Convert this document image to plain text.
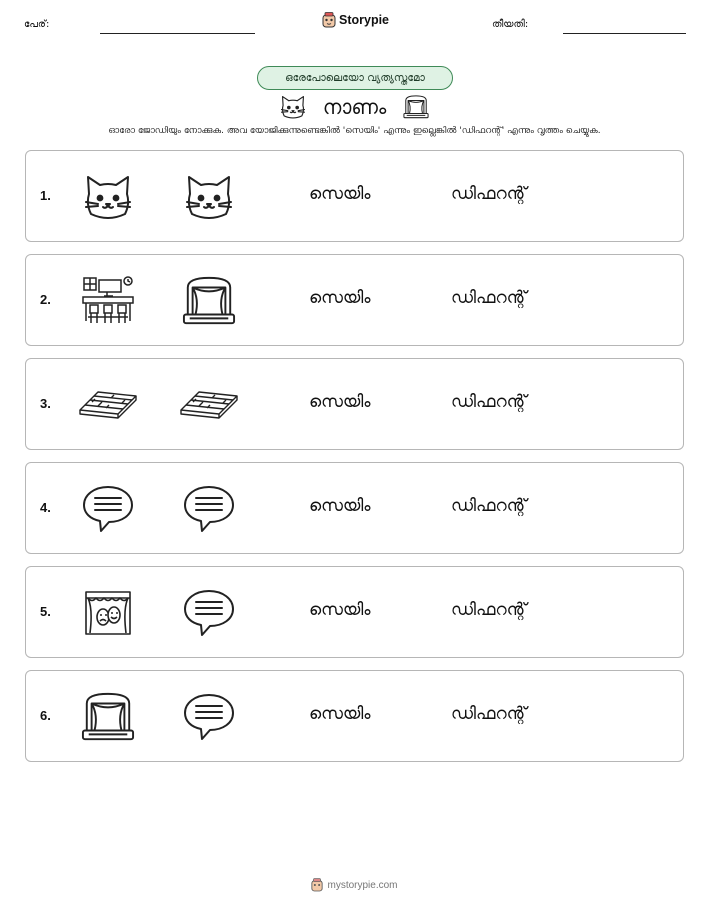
പേര്:	Storypie	തീയതി:
ഒരേപോലെയോ വ്യത്യസ്തമോ
നാണം
ഓരോ ജോഡിയും നോക്കുക. അവ യോജിക്കുന്നുണ്ടെങ്കിൽ 'സെയിം' എന്നും ഇല്ലെങ്കിൽ 'ഡിഫറന്റ്' എന്നും വൃത്തം ചെയ്യുക.
1.	സെയിം	ഡിഫറന്റ്
2.	സെയിം	ഡിഫറന്റ്
3.	സെയിം	ഡിഫറന്റ്
4.	സെയിം	ഡിഫറന്റ്
5.	സെയിം	ഡിഫറന്റ്
6.	സെയിം	ഡിഫറന്റ്
mystorypie.com
